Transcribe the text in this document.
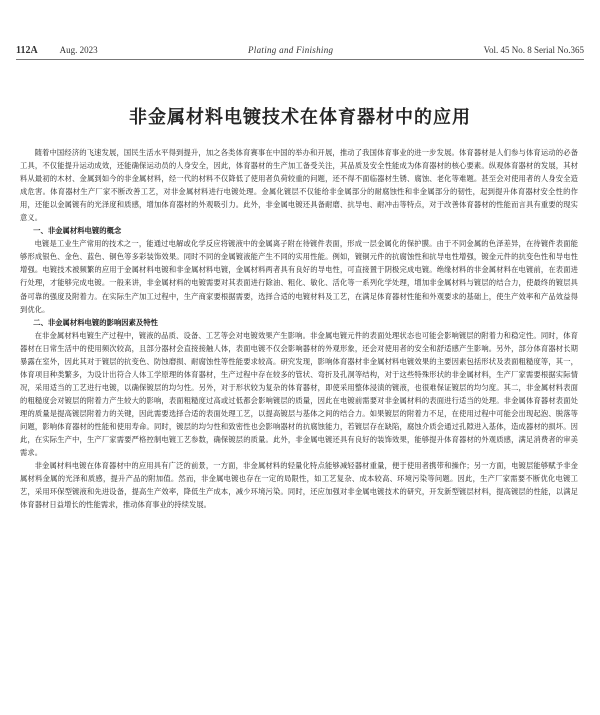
112A Aug. 2023	Plating and Finishing	Vol. 45 No. 8 Serial No.365
非金属材料电镀技术在体育器材中的应用

随着中国经济的飞速发展，国民生活水平得到提升，加之各类体育赛事在中国的举办和开展，推动了我国体育事业的进一步发展。体育器材是人们参与体育运动的必备工具，不仅能提升运动成效，还能确保运动员的人身安全，因此，体育器材的生产加工备受关注，其品质及安全性能成为体育器材的核心要素。纵观体育器材的发展，其材料从最初的木材、金属到如今的非金属材料，经一代的材料不仅降低了使用者负荷较重的问题，还不得不面临器材生锈、腐蚀、老化等难题。甚至会对使用者的人身安全造成危害。体育器材生产厂家不断改善工艺，对非金属材料进行电镀处理。金属化镀层不仅能给非金属部分的耐腐蚀性和非金属部分的韧性，起到提升体育器材安全性的作用，还能以金属镀有的光泽度和质感，增加体育器材的外观吸引力。此外，非金属电镀还具备耐磨、抗导电、耐冲击等特点，对于改善体育器材的性能而言具有重要的现实意义。

一、非金属材料电镀的概念

电镀是工业生产常用的技术之一，能通过电解或化学反应将镀液中的金属离子附在待镀件表面，形成一层金属化的保护膜。由于不同金属的色泽差异，在待镀件表面能够形成银色、金色、蓝色、铜色等多彩装饰效果。同时不同的金属镀液能产生不同的实用性能。例如，镀铜元件的抗腐蚀性和抗导电性增强，镀金元件的抗变色性和导电性增强。电镀技术被频繁的应用于金属材料电镀和非金属材料电镀，金属材料两者具有良好的导电性，可直接置于阴极完成电镀。绝缘材料的非金属材料在电镀前，在表面进行处理，才能够完成电镀。一般来讲，非金属材料的电镀需要对其表面进行除油、粗化、敏化、活化等一系列化学处理，增加非金属材料与镀层的结合力，使最终的镀层具备可靠的强度及附着力。在实际生产加工过程中，生产商家要根据需要，选择合适的电镀材料及工艺，在满足体育器材性能和外观要求的基础上，使生产效率和产品效益得到优化。

二、非金属材料电镀的影响因素及特性

在非金属材料电镀生产过程中，镀液的品质、设备、工艺等会对电镀效果产生影响。非金属电镀元件的表面处理状态也可能会影响镀层的附着力和稳定性。同时，体育器材在日常生活中的使用频次较高，且部分器材会直接接触人体，表面电镀不仅会影响器材的外观形象，还会对使用者的安全和舒适感产生影响。另外，部分体育器材长期暴露在室外，因此其对于镀层的抗变色、防蚀磨损、耐腐蚀性等性能要求较高。研究发现，影响体育器材非金属材料电镀效果的主要因素包括形状及表面粗糙度等，其一，体育项目种类繁多，为设计出符合人体工学原理的体育器材，生产过程中存在较多的管状、弯折及孔洞等结构，对于这些特殊形状的非金属材料，生产厂家需要根据实际情况，采用适当的工艺进行电镀，以确保镀层的均匀性。另外，对于形状较为复杂的体育器材，即使采用整体浸渍的镀液，也很难保证镀层的均匀度。其二，非金属材料表面的粗糙度会对镀层的附着力产生较大的影响，表面粗糙度过高或过低都会影响镀层的质量，因此在电镀前需要对非金属材料的表面进行适当的处理。非金属体育器材表面处理的质量是提高镀层附着力的关键，因此需要选择合适的表面处理工艺，以提高镀层与基体之间的结合力。如果镀层的附着力不足，在使用过程中可能会出现起泡、脱落等问题，影响体育器材的性能和使用寿命。同时，镀层的均匀性和致密性也会影响器材的抗腐蚀能力，若镀层存在缺陷，腐蚀介质会通过孔隙进入基体，造成器材的损坏。因此，在实际生产中，生产厂家需要严格控制电镀工艺参数，确保镀层的质量。此外，非金属电镀还具有良好的装饰效果，能够提升体育器材的外观质感，满足消费者的审美需求。

非金属材料电镀在体育器材中的应用具有广泛的前景，一方面，非金属材料的轻量化特点能够减轻器材重量，便于使用者携带和操作；另一方面，电镀层能够赋予非金属材料金属的光泽和质感，提升产品的附加值。然而，非金属电镀也存在一定的局限性，如工艺复杂、成本较高、环境污染等问题。因此，生产厂家需要不断优化电镀工艺，采用环保型镀液和先进设备，提高生产效率，降低生产成本，减少环境污染。同时，还应加强对非金属电镀技术的研究，开发新型镀层材料，提高镀层的性能，以满足体育器材日益增长的性能需求，推动体育事业的持续发展。
